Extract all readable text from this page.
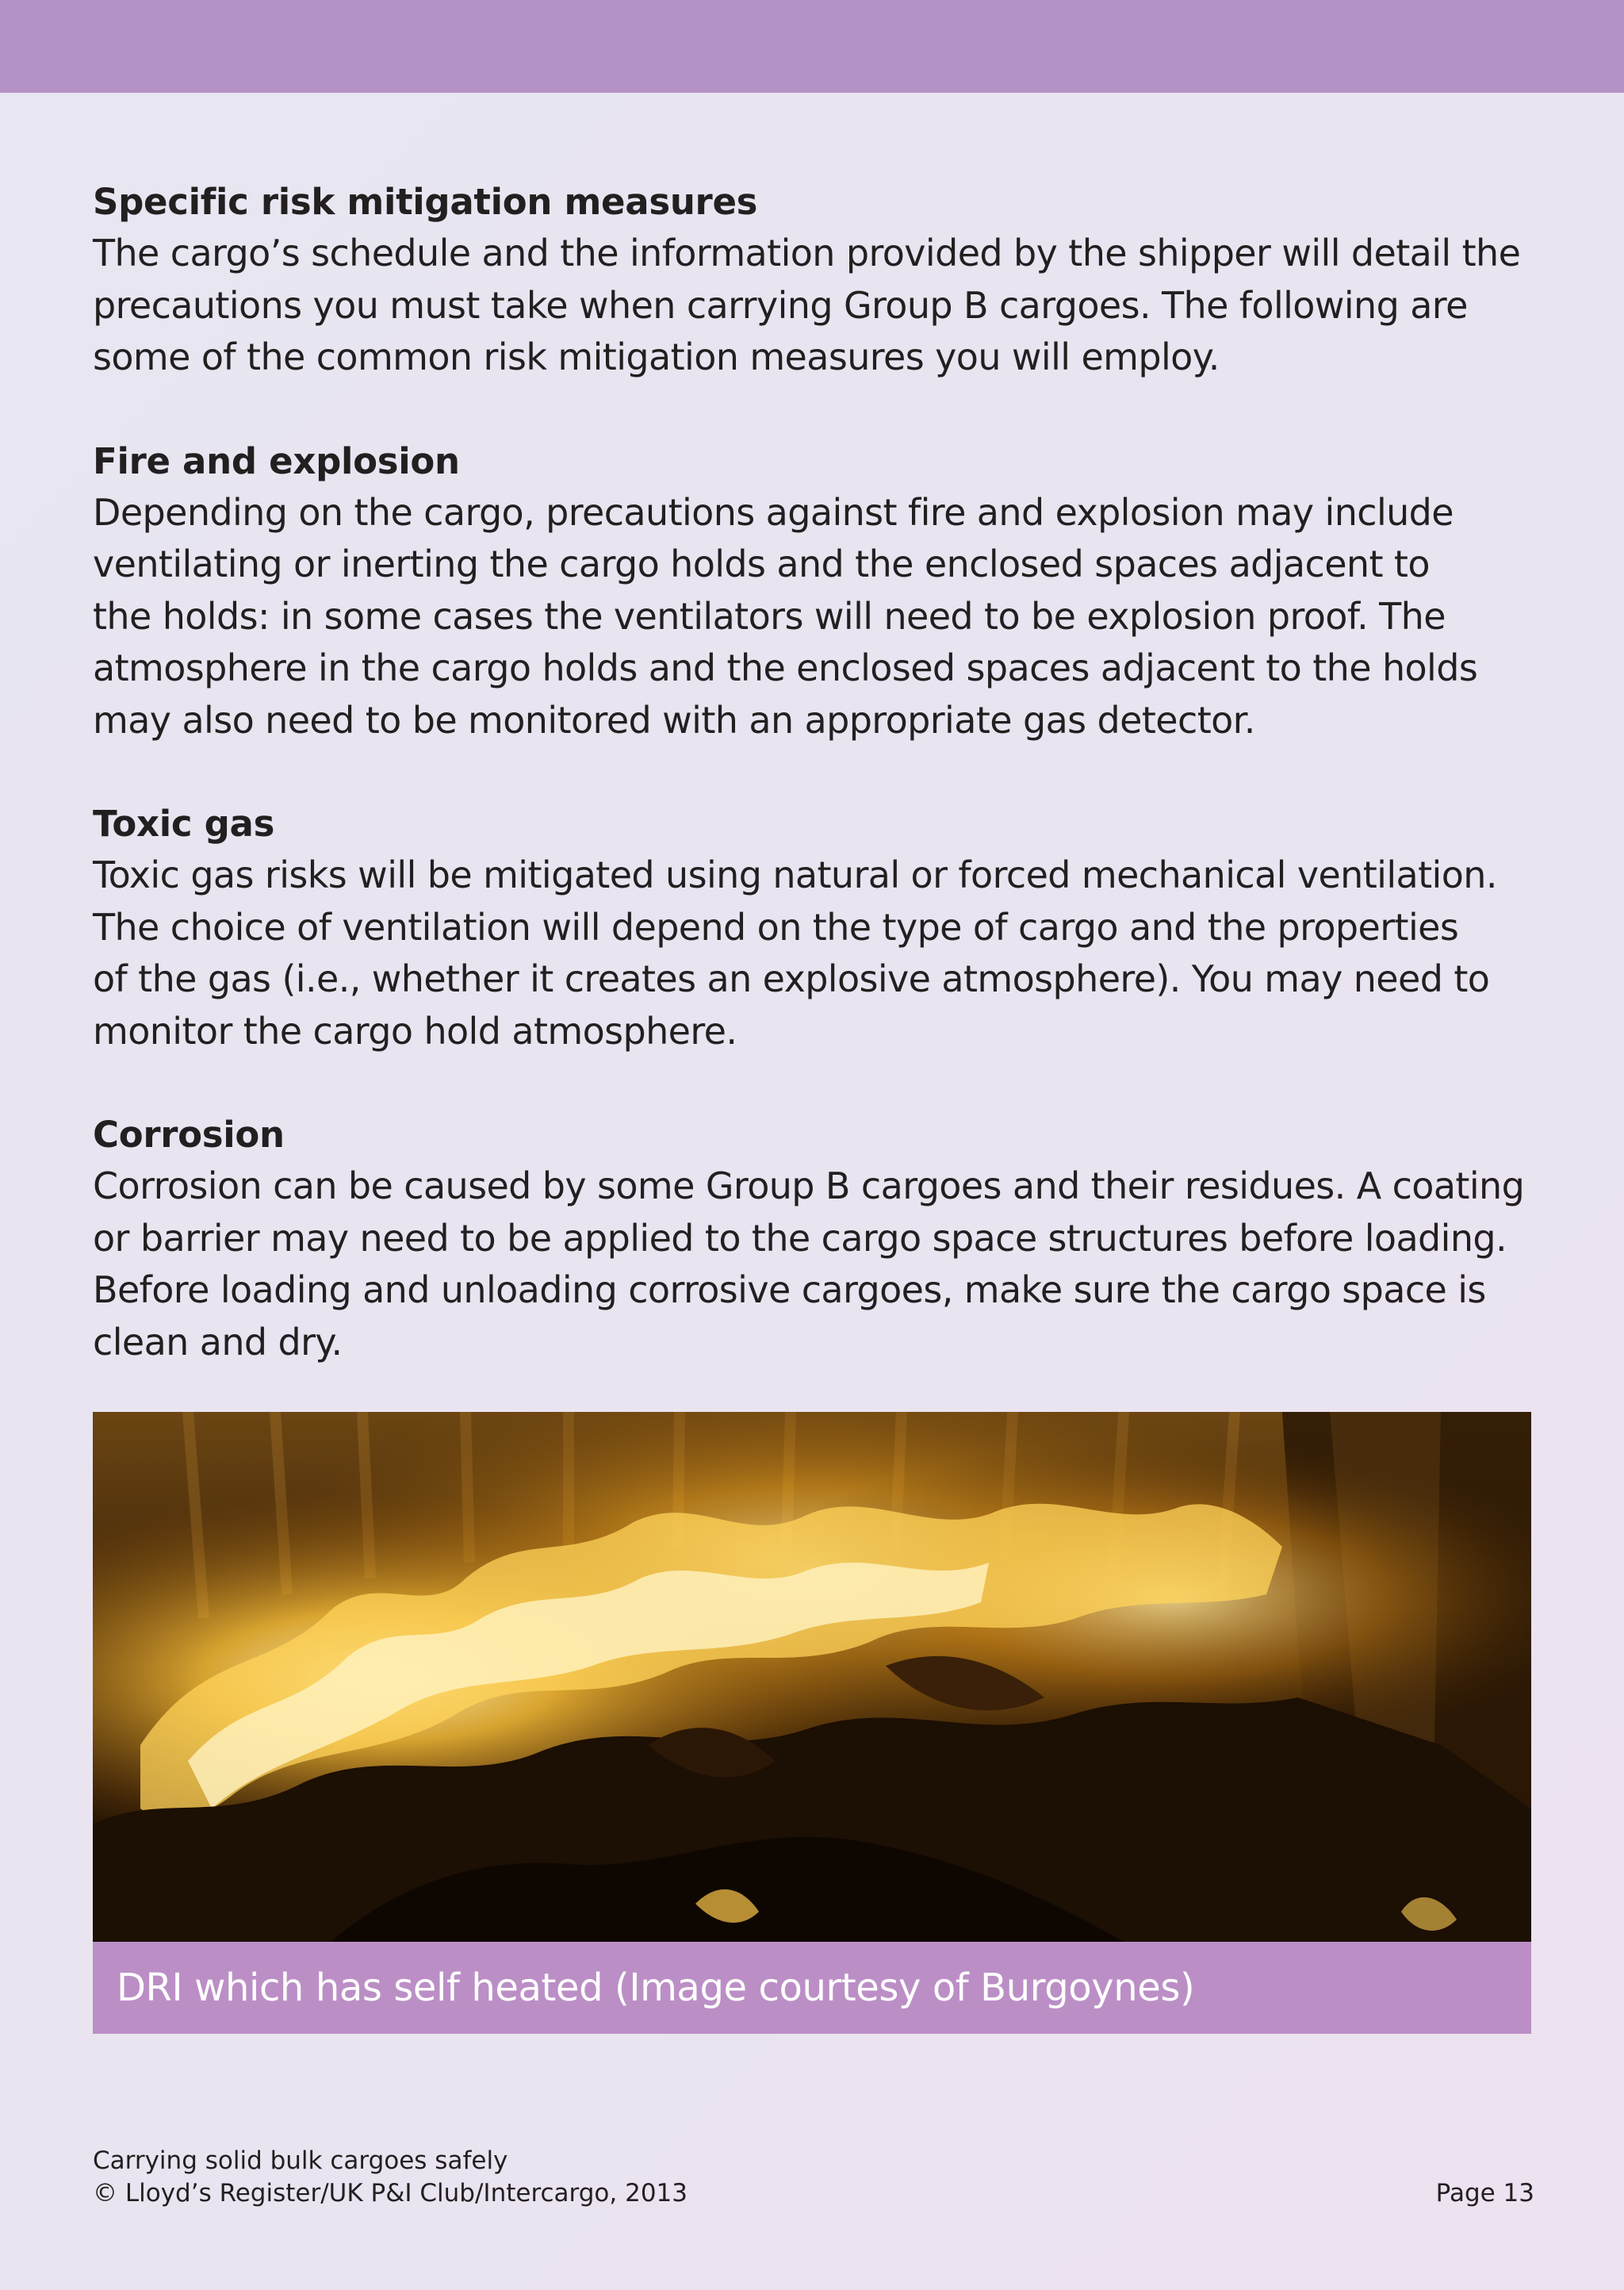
Specific risk mitigation measures

The cargo’s schedule and the information provided by the shipper will detail the
precautions you must take when carrying Group B cargoes. The following are
some of the common risk mitigation measures you will employ.

Fire and explosion

Depending on the cargo, precautions against fire and explosion may include
ventilating or inerting the cargo holds and the enclosed spaces adjacent to
the holds: in some cases the ventilators will need to be explosion proof. The
atmosphere in the cargo holds and the enclosed spaces adjacent to the holds
may also need to be monitored with an appropriate gas detector.

Toxic gas

Toxic gas risks will be mitigated using natural or forced mechanical ventilation.
The choice of ventilation will depend on the type of cargo and the properties
of the gas (i.e., whether it creates an explosive atmosphere). You may need to
monitor the cargo hold atmosphere.

Corrosion

Corrosion can be caused by some Group B cargoes and their residues. A coating
or barrier may need to be applied to the cargo space structures before loading.
Before loading and unloading corrosive cargoes, make sure the cargo space is
clean and dry.

DRI which has self heated (Image courtesy of Burgoynes)
Carrying solid bulk cargoes safely
© Lloyd’s Register/UK P&I Club/Intercargo, 2013	Page 13
